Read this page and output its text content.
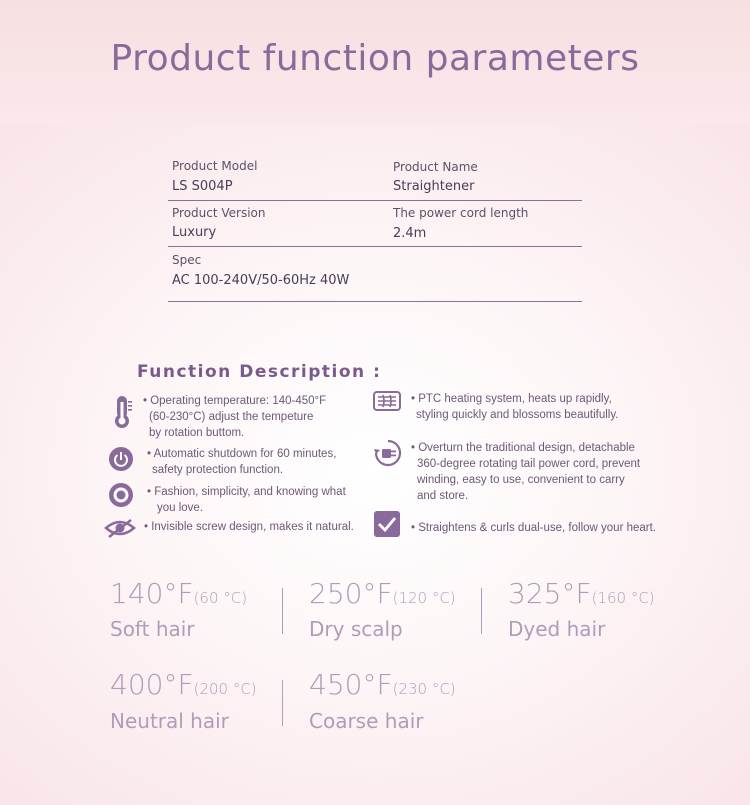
Product function parameters
Product Model
LS S004P
Product Name
Straightener
Product Version
Luxury
The power cord length
2.4m
Spec
AC 100-240V/50-60Hz 40W
Function Description :
• Operating temperature: 140-450°F
(60-230°C) adjust the tempeture
by rotation buttom.
• PTC heating system, heats up rapidly,
styling quickly and blossoms beautifully.
• Automatic shutdown for 60 minutes,
safety protection function.
• Overturn the traditional design, detachable
360-degree rotating tail power cord, prevent
winding, easy to use, convenient to carry
and store.
• Fashion, simplicity, and knowing what
you love.
• Invisible screw design, makes it natural.	• Straightens & curls dual-use, follow your heart.
140°F(60 °C)
Soft hair
250°F(120 °C)
Dry scalp
325°F(160 °C)
Dyed hair
400°F(200 °C)
Neutral hair
450°F(230 °C)
Coarse hair
